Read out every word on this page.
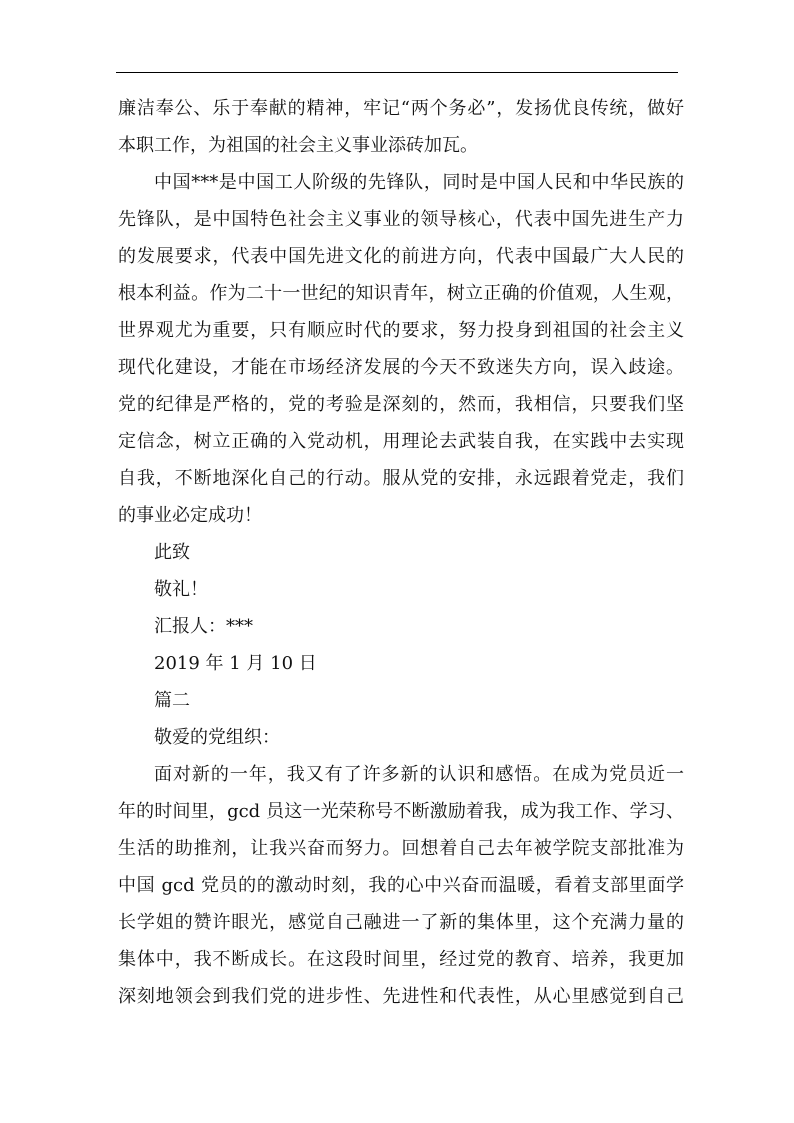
廉洁奉公、乐于奉献的精神，牢记“两个务必”，发扬优良传统，做好

本职工作，为祖国的社会主义事业添砖加瓦。

中国***是中国工人阶级的先锋队，同时是中国人民和中华民族的

先锋队，是中国特色社会主义事业的领导核心，代表中国先进生产力

的发展要求，代表中国先进文化的前进方向，代表中国最广大人民的

根本利益。作为二十一世纪的知识青年，树立正确的价值观，人生观，

世界观尤为重要，只有顺应时代的要求，努力投身到祖国的社会主义

现代化建设，才能在市场经济发展的今天不致迷失方向，误入歧途。

党的纪律是严格的，党的考验是深刻的，然而，我相信，只要我们坚

定信念，树立正确的入党动机，用理论去武装自我，在实践中去实现

自我，不断地深化自己的行动。服从党的安排，永远跟着党走，我们

的事业必定成功！

此致

敬礼！

汇报人：***

2019 年 1 月 10 日

篇二

敬爱的党组织：

面对新的一年，我又有了许多新的认识和感悟。在成为党员近一

年的时间里，gcd 员这一光荣称号不断激励着我，成为我工作、学习、

生活的助推剂，让我兴奋而努力。回想着自己去年被学院支部批准为

中国 gcd 党员的的激动时刻，我的心中兴奋而温暖，看着支部里面学

长学姐的赞许眼光，感觉自己融进一了新的集体里，这个充满力量的

集体中，我不断成长。在这段时间里，经过党的教育、培养，我更加

深刻地领会到我们党的进步性、先进性和代表性，从心里感觉到自己
